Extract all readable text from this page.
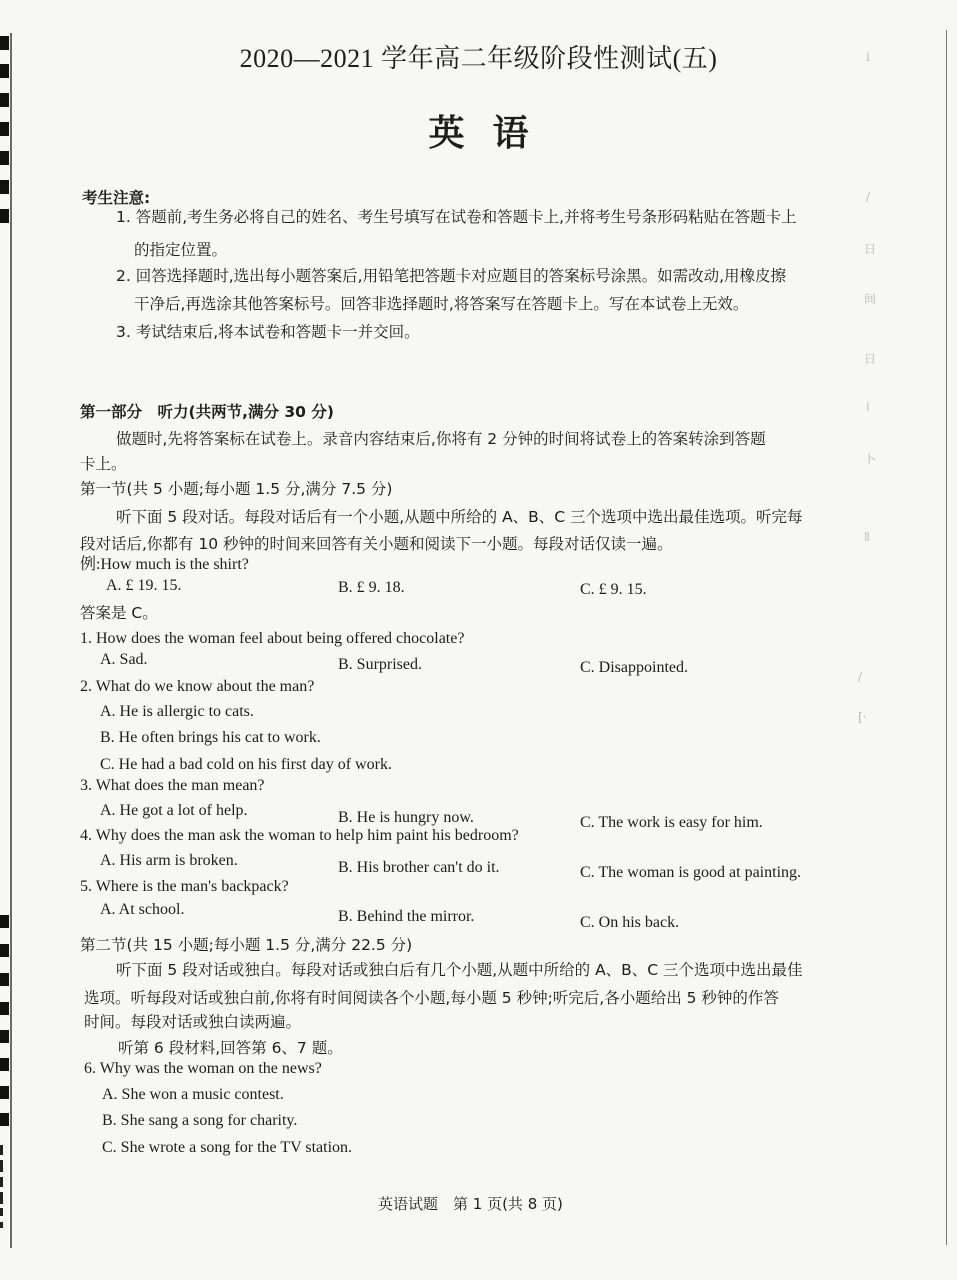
ⅰ
/
日
间
日
ǀ
卜
ǁ
/
[·
2020—2021 学年高二年级阶段性测试(五)
英语
考生注意:
1. 答题前,考生务必将自己的姓名、考生号填写在试卷和答题卡上,并将考生号条形码粘贴在答题卡上
的指定位置。
2. 回答选择题时,选出每小题答案后,用铅笔把答题卡对应题目的答案标号涂黑。如需改动,用橡皮擦
干净后,再选涂其他答案标号。回答非选择题时,将答案写在答题卡上。写在本试卷上无效。
3. 考试结束后,将本试卷和答题卡一并交回。
第一部分　听力(共两节,满分 30 分)
做题时,先将答案标在试卷上。录音内容结束后,你将有 2 分钟的时间将试卷上的答案转涂到答题
卡上。
第一节(共 5 小题;每小题 1.5 分,满分 7.5 分)
听下面 5 段对话。每段对话后有一个小题,从题中所给的 A、B、C 三个选项中选出最佳选项。听完每
段对话后,你都有 10 秒钟的时间来回答有关小题和阅读下一小题。每段对话仅读一遍。
例:How much is the shirt?
A. £ 19. 15.	B. £ 9. 18.	C. £ 9. 15.
答案是 C。
1. How does the woman feel about being offered chocolate?
A. Sad.	B. Surprised.	C. Disappointed.
2. What do we know about the man?
A. He is allergic to cats.
B. He often brings his cat to work.
C. He had a bad cold on his first day of work.
3. What does the man mean?
A. He got a lot of help.	B. He is hungry now.	C. The work is easy for him.
4. Why does the man ask the woman to help him paint his bedroom?
A. His arm is broken.	B. His brother can't do it.	C. The woman is good at painting.
5. Where is the man's backpack?
A. At school.	B. Behind the mirror.	C. On his back.
第二节(共 15 小题;每小题 1.5 分,满分 22.5 分)
听下面 5 段对话或独白。每段对话或独白后有几个小题,从题中所给的 A、B、C 三个选项中选出最佳
选项。听每段对话或独白前,你将有时间阅读各个小题,每小题 5 秒钟;听完后,各小题给出 5 秒钟的作答
时间。每段对话或独白读两遍。
听第 6 段材料,回答第 6、7 题。
6. Why was the woman on the news?
A. She won a music contest.
B. She sang a song for charity.
C. She wrote a song for the TV station.
英语试题　第 1 页(共 8 页)
